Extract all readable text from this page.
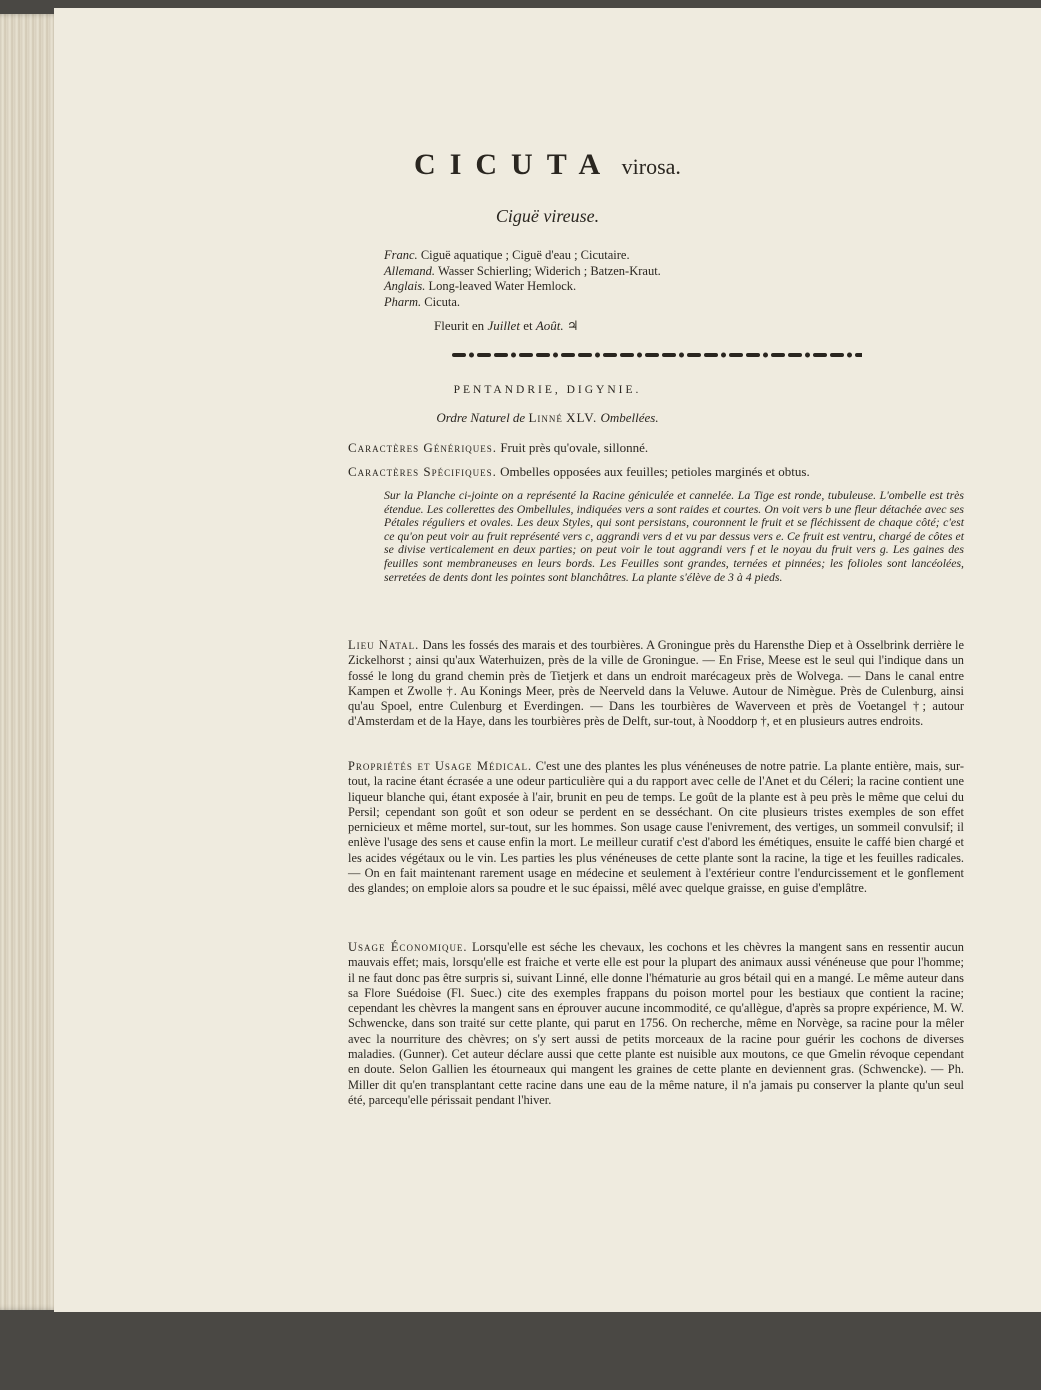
CICUTA virosa.
Ciguë vireuse.
Franc. Ciguë aquatique ; Ciguë d'eau ; Cicutaire.
Allemand. Wasser Schierling; Widerich ; Batzen-Kraut.
Anglais. Long-leaved Water Hemlock.
Pharm. Cicuta.
Fleurit en Juillet et Août. ♃
PENTANDRIE, DIGYNIE.
Ordre Naturel de Linné XLV. Ombellées.
Caractères Génériques. Fruit près qu'ovale, sillonné.
Caractères Spécifiques. Ombelles opposées aux feuilles; petioles marginés et obtus.
Sur la Planche ci-jointe on a représenté la Racine géniculée et cannelée. La Tige est ronde, tubuleuse. L'ombelle est très étendue. Les collerettes des Ombellules, indiquées vers a sont raides et courtes. On voit vers b une fleur détachée avec ses Pétales réguliers et ovales. Les deux Styles, qui sont persistans, couronnent le fruit et se fléchissent de chaque côté; c'est ce qu'on peut voir au fruit représenté vers c, aggrandi vers d et vu par dessus vers e. Ce fruit est ventru, chargé de côtes et se divise verticalement en deux parties; on peut voir le tout aggrandi vers f et le noyau du fruit vers g. Les gaines des feuilles sont membraneuses en leurs bords. Les Feuilles sont grandes, ternées et pinnées; les folioles sont lancéolées, serretées de dents dont les pointes sont blanchâtres. La plante s'élève de 3 à 4 pieds.
Lieu Natal. Dans les fossés des marais et des tourbières. A Groningue près du Harensthe Diep et à Osselbrink derrière le Zickelhorst ; ainsi qu'aux Waterhuizen, près de la ville de Groningue. — En Frise, Meese est le seul qui l'indique dans un fossé le long du grand chemin près de Tietjerk et dans un endroit marécageux près de Wolvega. — Dans le canal entre Kampen et Zwolle †. Au Konings Meer, près de Neerveld dans la Veluwe. Autour de Nimègue. Près de Culenburg, ainsi qu'au Spoel, entre Culenburg et Everdingen. — Dans les tourbières de Waverveen et près de Voetangel †; autour d'Amsterdam et de la Haye, dans les tourbières près de Delft, sur-tout, à Nooddorp †, et en plusieurs autres endroits.
Propriétés et Usage Médical. C'est une des plantes les plus vénéneuses de notre patrie. La plante entière, mais, sur-tout, la racine étant écrasée a une odeur particulière qui a du rapport avec celle de l'Anet et du Céleri; la racine contient une liqueur blanche qui, étant exposée à l'air, brunit en peu de temps. Le goût de la plante est à peu près le même que celui du Persil; cependant son goût et son odeur se perdent en se desséchant. On cite plusieurs tristes exemples de son effet pernicieux et même mortel, sur-tout, sur les hommes. Son usage cause l'enivrement, des vertiges, un sommeil convulsif; il enlève l'usage des sens et cause enfin la mort. Le meilleur curatif c'est d'abord les émétiques, ensuite le caffé bien chargé et les acides végétaux ou le vin. Les parties les plus vénéneuses de cette plante sont la racine, la tige et les feuilles radicales. — On en fait maintenant rarement usage en médecine et seulement à l'extérieur contre l'endurcissement et le gonflement des glandes; on emploie alors sa poudre et le suc épaissi, mêlé avec quelque graisse, en guise d'emplâtre.
Usage Économique. Lorsqu'elle est séche les chevaux, les cochons et les chèvres la mangent sans en ressentir aucun mauvais effet; mais, lorsqu'elle est fraiche et verte elle est pour la plupart des animaux aussi vénéneuse que pour l'homme; il ne faut donc pas être surpris si, suivant Linné, elle donne l'hématurie au gros bétail qui en a mangé. Le même auteur dans sa Flore Suédoise (Fl. Suec.) cite des exemples frappans du poison mortel pour les bestiaux que contient la racine; cependant les chèvres la mangent sans en éprouver aucune incommodité, ce qu'allègue, d'après sa propre expérience, M. W. Schwencke, dans son traité sur cette plante, qui parut en 1756. On recherche, même en Norvège, sa racine pour la mêler avec la nourriture des chèvres; on s'y sert aussi de petits morceaux de la racine pour guérir les cochons de diverses maladies. (Gunner). Cet auteur déclare aussi que cette plante est nuisible aux moutons, ce que Gmelin révoque cependant en doute. Selon Gallien les étourneaux qui mangent les graines de cette plante en deviennent gras. (Schwencke). — Ph. Miller dit qu'en transplantant cette racine dans une eau de la même nature, il n'a jamais pu conserver la plante qu'un seul été, parcequ'elle périssait pendant l'hiver.
